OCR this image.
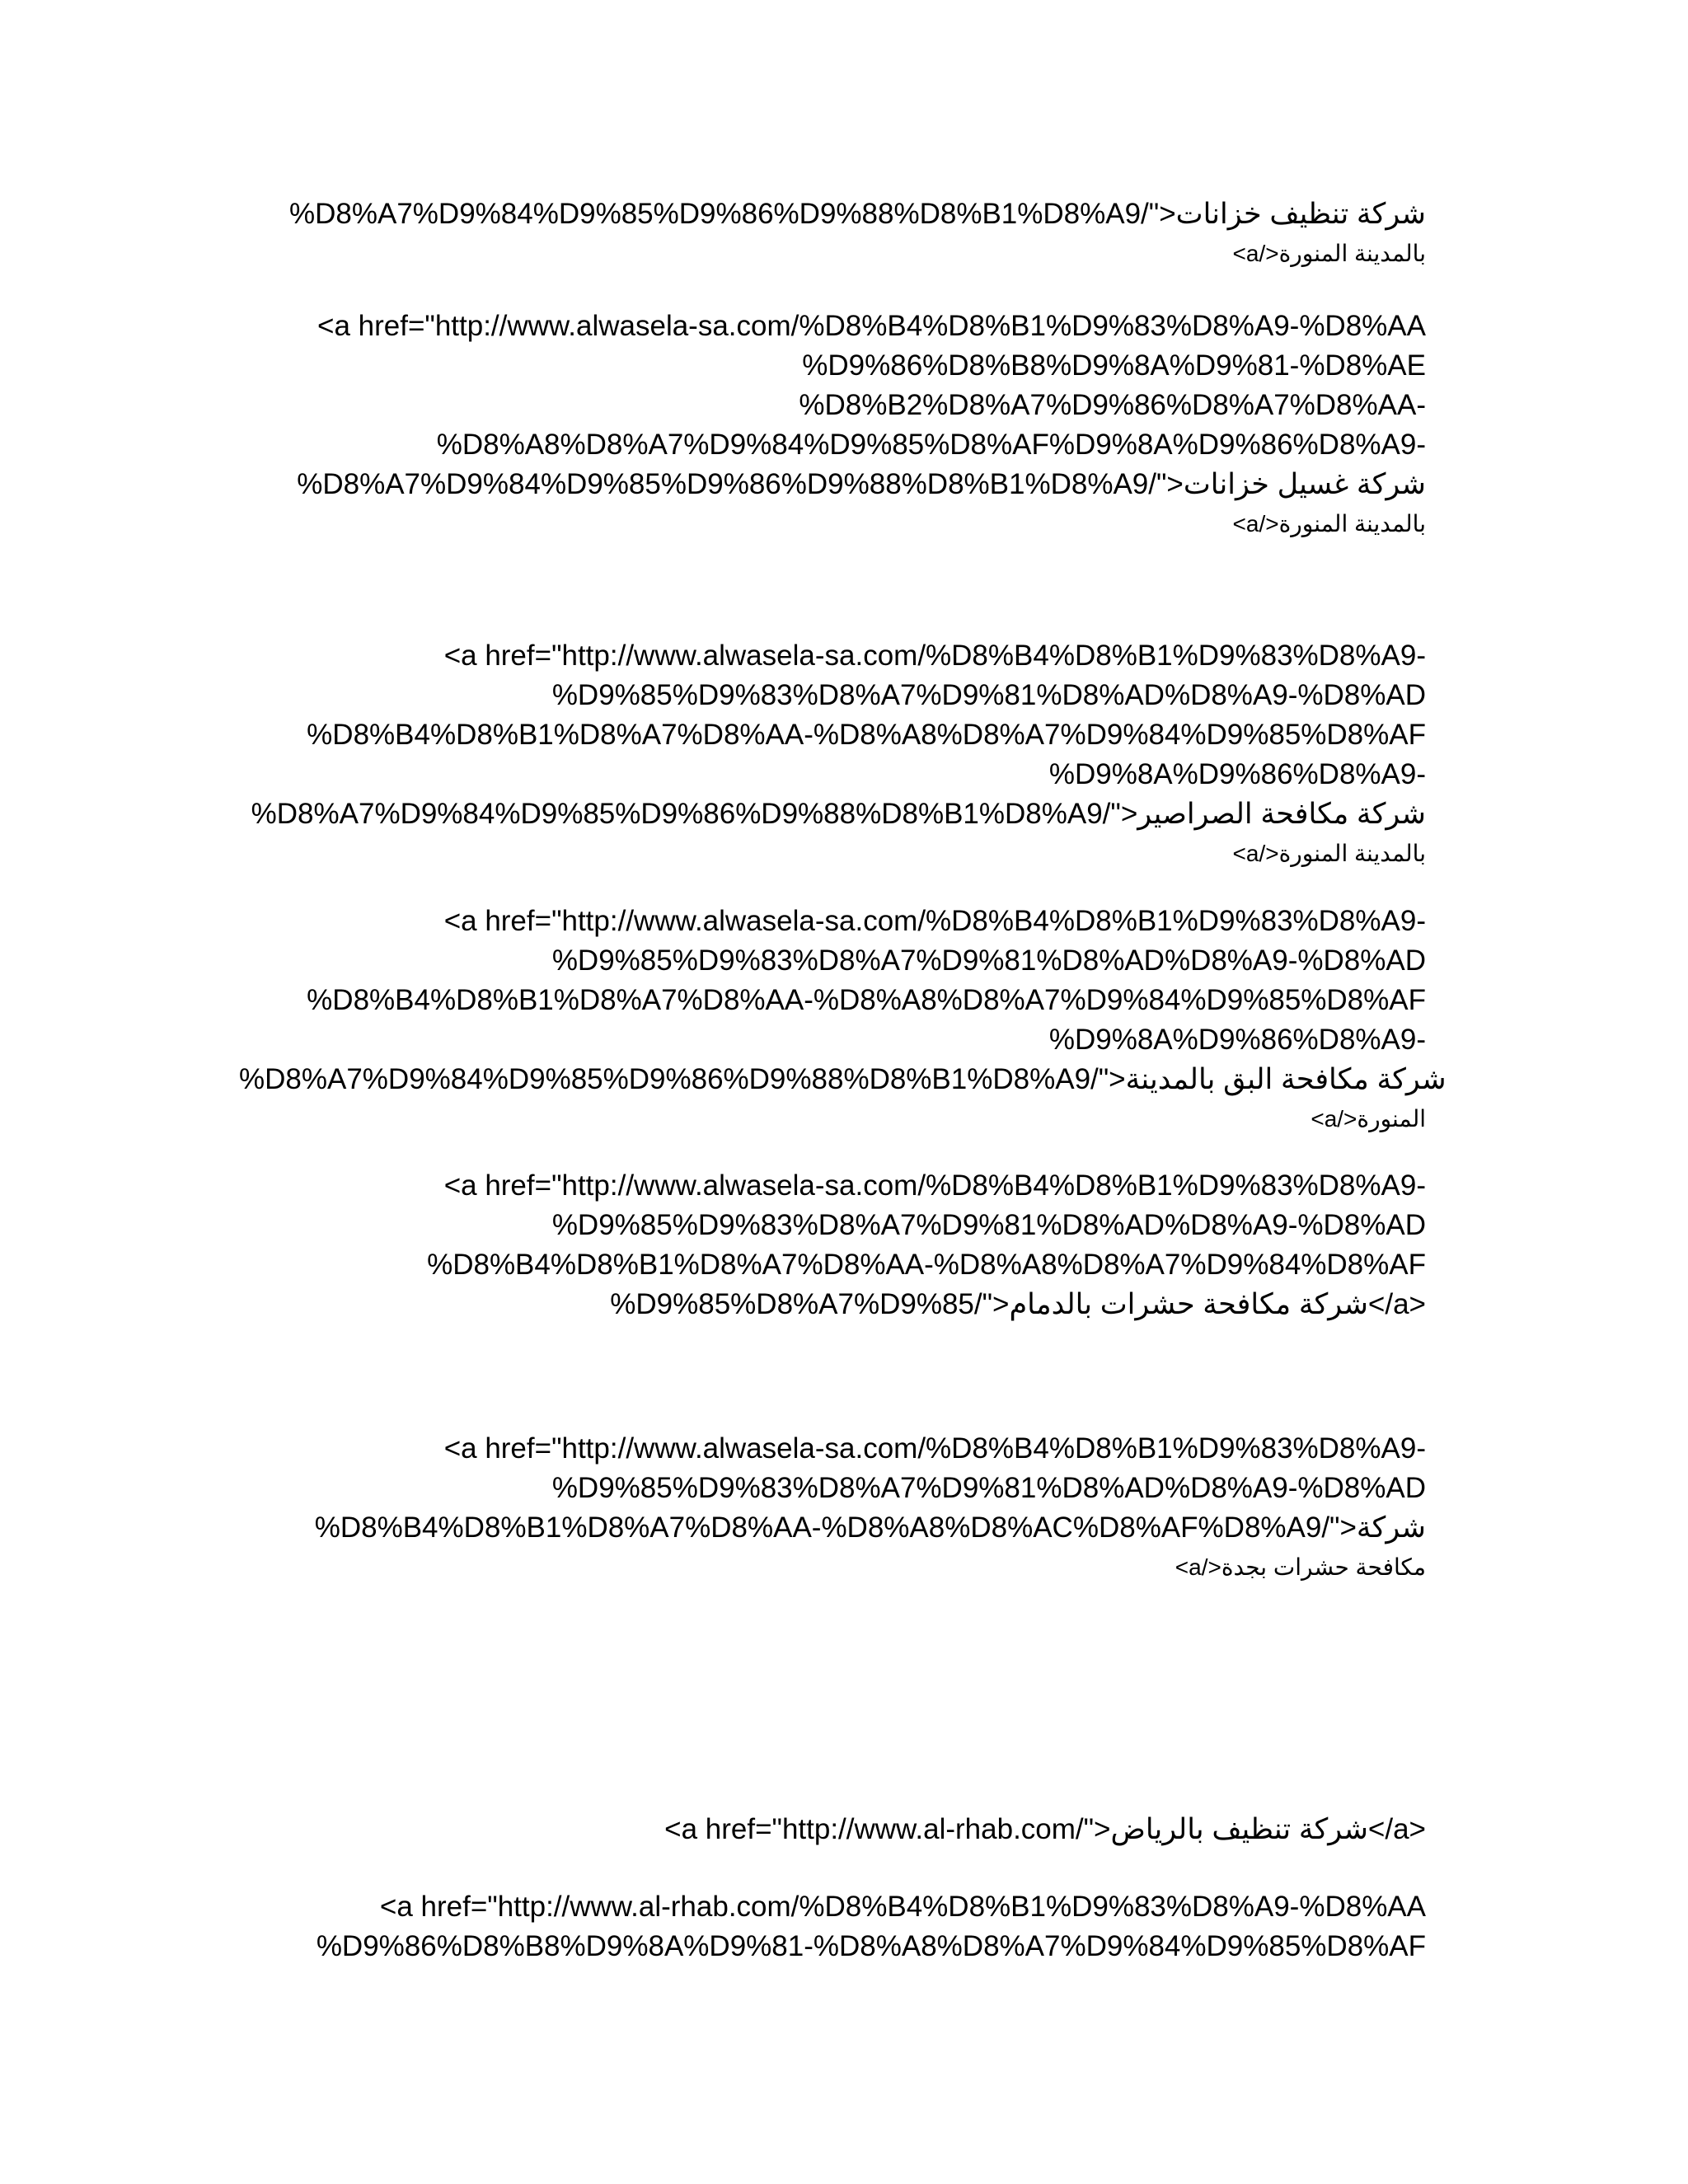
%D8%A7%D9%84%D9%85%D9%86%D9%88%D8%B1%D8%A9/">شركة تنظيف خزانات
بالمدينة المنورة</a>
<a href="http://www.alwasela-sa.com/%D8%B4%D8%B1%D9%83%D8%A9-%D8%AA
%D9%86%D8%B8%D9%8A%D9%81-%D8%AE
%D8%B2%D8%A7%D9%86%D8%A7%D8%AA-
%D8%A8%D8%A7%D9%84%D9%85%D8%AF%D9%8A%D9%86%D8%A9-
%D8%A7%D9%84%D9%85%D9%86%D9%88%D8%B1%D8%A9/">شركة غسيل خزانات
بالمدينة المنورة</a>
<a href="http://www.alwasela-sa.com/%D8%B4%D8%B1%D9%83%D8%A9-
%D9%85%D9%83%D8%A7%D9%81%D8%AD%D8%A9-%D8%AD
%D8%B4%D8%B1%D8%A7%D8%AA-%D8%A8%D8%A7%D9%84%D9%85%D8%AF
%D9%8A%D9%86%D8%A9-
%D8%A7%D9%84%D9%85%D9%86%D9%88%D8%B1%D8%A9/">شركة مكافحة الصراصير
بالمدينة المنورة</a>
<a href="http://www.alwasela-sa.com/%D8%B4%D8%B1%D9%83%D8%A9-
%D9%85%D9%83%D8%A7%D9%81%D8%AD%D8%A9-%D8%AD
%D8%B4%D8%B1%D8%A7%D8%AA-%D8%A8%D8%A7%D9%84%D9%85%D8%AF
%D9%8A%D9%86%D8%A9-
%D8%A7%D9%84%D9%85%D9%86%D9%88%D8%B1%D8%A9/">شركة مكافحة البق بالمدينة
المنورة</a>
<a href="http://www.alwasela-sa.com/%D8%B4%D8%B1%D9%83%D8%A9-
%D9%85%D9%83%D8%A7%D9%81%D8%AD%D8%A9-%D8%AD
%D8%B4%D8%B1%D8%A7%D8%AA-%D8%A8%D8%A7%D9%84%D8%AF
%D9%85%D8%A7%D9%85/">شركة مكافحة حشرات بالدمام</a>
<a href="http://www.alwasela-sa.com/%D8%B4%D8%B1%D9%83%D8%A9-
%D9%85%D9%83%D8%A7%D9%81%D8%AD%D8%A9-%D8%AD
%D8%B4%D8%B1%D8%A7%D8%AA-%D8%A8%D8%AC%D8%AF%D8%A9/">شركة
مكافحة حشرات بجدة</a>
<a href="http://www.al-rhab.com/">شركة تنظيف بالرياض</a>
<a href="http://www.al-rhab.com/%D8%B4%D8%B1%D9%83%D8%A9-%D8%AA
%D9%86%D8%B8%D9%8A%D9%81-%D8%A8%D8%A7%D9%84%D9%85%D8%AF
